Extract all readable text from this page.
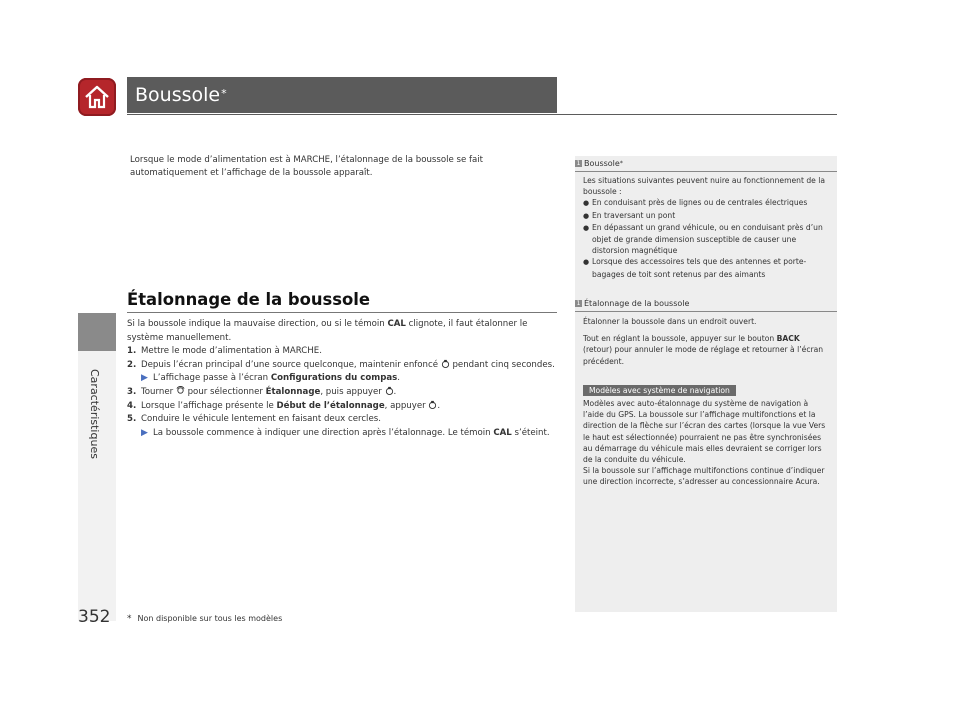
Boussole*
Caractéristiques
352
Lorsque le mode d’alimentation est à MARCHE, l’étalonnage de la boussole se fait automatiquement et l’affichage de la boussole apparaît.
Étalonnage de la boussole

Si la boussole indique la mauvaise direction, ou si le témoin CAL clignote, il faut étalonner le système manuellement.

1. Mettre le mode d’alimentation à MARCHE.

2. Depuis l’écran principal d’une source quelconque, maintenir enfoncé  pendant cinq secondes.

▶ L’affichage passe à l’écran Configurations du compas.

3. Tourner  pour sélectionner Étalonnage, puis appuyer .

4. Lorsque l’affichage présente le Début de l’étalonnage, appuyer .

5. Conduire le véhicule lentement en faisant deux cercles.

▶ La boussole commence à indiquer une direction après l’étalonnage. Le témoin CAL s’éteint.

1 Boussole *

Les situations suivantes peuvent nuire au fonctionnement de la boussole :

● En conduisant près de lignes ou de centrales électriques

● En traversant un pont

● En dépassant un grand véhicule, ou en conduisant près d’un objet de grande dimension susceptible de causer une distorsion magnétique

● Lorsque des accessoires tels que des antennes et porte-bagages de toit sont retenus par des aimants

1 Étalonnage de la boussole

Étalonner la boussole dans un endroit ouvert.

Tout en réglant la boussole, appuyer sur le bouton BACK (retour) pour annuler le mode de réglage et retourner à l’écran précédent.

Modèles avec système de navigation

Modèles avec auto-étalonnage du système de navigation à l’aide du GPS. La boussole sur l’affichage multifonctions et la direction de la flèche sur l’écran des cartes (lorsque la vue Vers le haut est sélectionnée) pourraient ne pas être synchronisées au démarrage du véhicule mais elles devraient se corriger lors de la conduite du véhicule.

Si la boussole sur l’affichage multifonctions continue d’indiquer une direction incorrecte, s’adresser au concessionnaire Acura.

* Non disponible sur tous les modèles
